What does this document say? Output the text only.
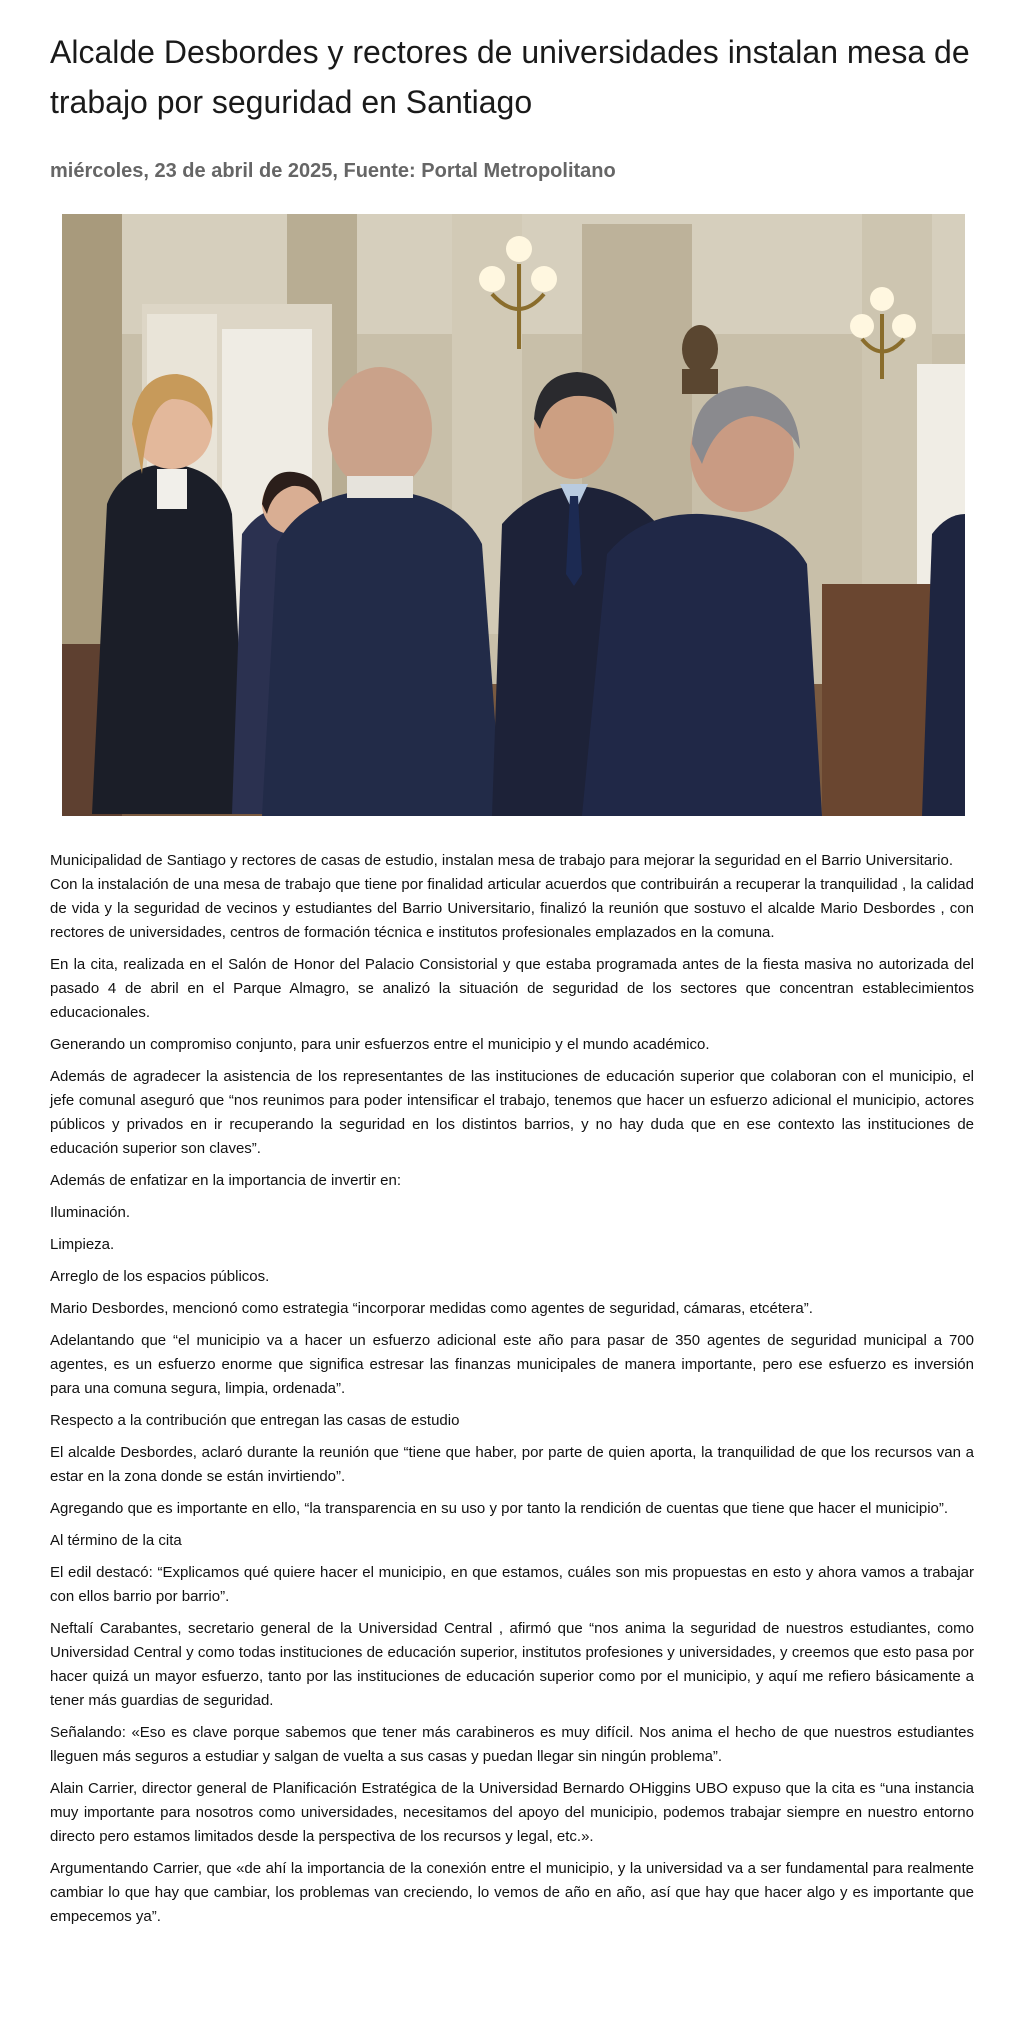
Alcalde Desbordes y rectores de universidades instalan mesa de trabajo por seguridad en Santiago
miércoles, 23 de abril de 2025, Fuente: Portal Metropolitano

Municipalidad de Santiago y rectores de casas de estudio, instalan mesa de trabajo para mejorar la seguridad en el Barrio Universitario.

Con la instalación de una mesa de trabajo que tiene por finalidad articular acuerdos que contribuirán a recuperar la tranquilidad , la calidad de vida y la seguridad de vecinos y estudiantes del Barrio Universitario, finalizó la reunión que sostuvo el alcalde Mario Desbordes , con rectores de universidades, centros de formación técnica e institutos profesionales emplazados en la comuna.

En la cita, realizada en el Salón de Honor del Palacio Consistorial y que estaba programada antes de la fiesta masiva no autorizada del pasado 4 de abril en el Parque Almagro, se analizó la situación de seguridad de los sectores que concentran establecimientos educacionales.

Generando un compromiso conjunto, para unir esfuerzos entre el municipio y el mundo académico.

Además de agradecer la asistencia de los representantes de las instituciones de educación superior que colaboran con el municipio, el jefe comunal aseguró que “nos reunimos para poder intensificar el trabajo, tenemos que hacer un esfuerzo adicional el municipio, actores públicos y privados en ir recuperando la seguridad en los distintos barrios, y no hay duda que en ese contexto las instituciones de educación superior son claves”.

Además de enfatizar en la importancia de invertir en:

Iluminación.

Limpieza.

Arreglo de los espacios públicos.

Mario Desbordes, mencionó como estrategia “incorporar medidas como agentes de seguridad, cámaras, etcétera”.

Adelantando que “el municipio va a hacer un esfuerzo adicional este año para pasar de 350 agentes de seguridad municipal a 700 agentes, es un esfuerzo enorme que significa estresar las finanzas municipales de manera importante, pero ese esfuerzo es inversión para una comuna segura, limpia, ordenada”.

Respecto a la contribución que entregan las casas de estudio

El alcalde Desbordes, aclaró durante la reunión que “tiene que haber, por parte de quien aporta, la tranquilidad de que los recursos van a estar en la zona donde se están invirtiendo”.

Agregando que es importante en ello, “la transparencia en su uso y por tanto la rendición de cuentas que tiene que hacer el municipio”.

Al término de la cita

El edil destacó: “Explicamos qué quiere hacer el municipio, en que estamos, cuáles son mis propuestas en esto y ahora vamos a trabajar con ellos barrio por barrio”.

Neftalí Carabantes, secretario general de la Universidad Central , afirmó que “nos anima la seguridad de nuestros estudiantes, como Universidad Central y como todas instituciones de educación superior, institutos profesiones y universidades, y creemos que esto pasa por hacer quizá un mayor esfuerzo, tanto por las instituciones de educación superior como por el municipio, y aquí me refiero básicamente a tener más guardias de seguridad.

Señalando: «Eso es clave porque sabemos que tener más carabineros es muy difícil. Nos anima el hecho de que nuestros estudiantes lleguen más seguros a estudiar y salgan de vuelta a sus casas y puedan llegar sin ningún problema”.

Alain Carrier, director general de Planificación Estratégica de la Universidad Bernardo OHiggins UBO expuso que la cita es “una instancia muy importante para nosotros como universidades, necesitamos del apoyo del municipio, podemos trabajar siempre en nuestro entorno directo pero estamos limitados desde la perspectiva de los recursos y legal, etc.».

Argumentando Carrier, que «de ahí la importancia de la conexión entre el municipio, y la universidad va a ser fundamental para realmente cambiar lo que hay que cambiar, los problemas van creciendo, lo vemos de año en año, así que hay que hacer algo y es importante que empecemos ya”.
